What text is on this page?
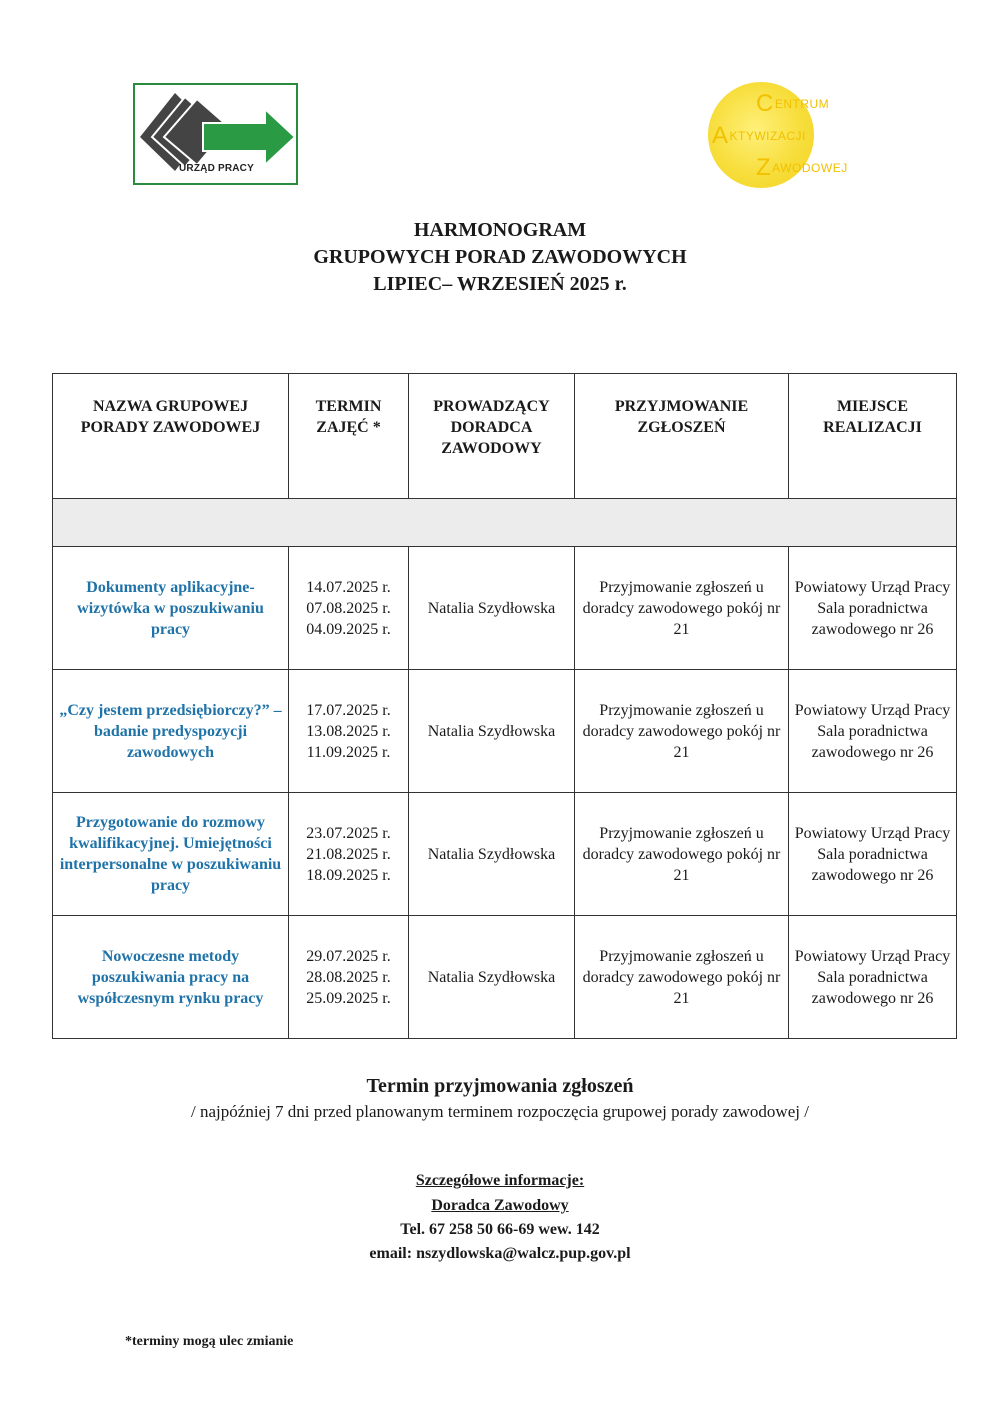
URZĄD PRACY
CENTRUM
AKTYWIZACJI
ZAWODOWEJ
HARMONOGRAM
GRUPOWYCH PORAD ZAWODOWYCH
LIPIEC– WRZESIEŃ 2025 r.
NAZWA GRUPOWEJ PORADY ZAWODOWEJ	TERMIN ZAJĘĆ *	PROWADZĄCY DORADCA ZAWODOWY	PRZYJMOWANIE ZGŁOSZEŃ	MIEJSCE REALIZACJI

Dokumenty aplikacyjne- wizytówka w poszukiwaniu pracy	14.07.2025 r.
07.08.2025 r.
04.09.2025 r.	Natalia Szydłowska	Przyjmowanie zgłoszeń u doradcy zawodowego pokój nr 21	Powiatowy Urząd Pracy Sala poradnictwa zawodowego nr 26
„Czy jestem przedsiębiorczy?” – badanie predyspozycji zawodowych	17.07.2025 r.
13.08.2025 r.
11.09.2025 r.	Natalia Szydłowska	Przyjmowanie zgłoszeń u doradcy zawodowego pokój nr 21	Powiatowy Urząd Pracy Sala poradnictwa zawodowego nr 26
Przygotowanie do rozmowy kwalifikacyjnej. Umiejętności interpersonalne w poszukiwaniu pracy	23.07.2025 r.
21.08.2025 r.
18.09.2025 r.	Natalia Szydłowska	Przyjmowanie zgłoszeń u doradcy zawodowego pokój nr 21	Powiatowy Urząd Pracy Sala poradnictwa zawodowego nr 26
Nowoczesne metody poszukiwania pracy na współczesnym rynku pracy	29.07.2025 r.
28.08.2025 r.
25.09.2025 r.	Natalia Szydłowska	Przyjmowanie zgłoszeń u doradcy zawodowego pokój nr 21	Powiatowy Urząd Pracy Sala poradnictwa zawodowego nr 26
Termin przyjmowania zgłoszeń
/ najpóźniej 7 dni przed planowanym terminem rozpoczęcia grupowej porady zawodowej /
Szczegółowe informacje:
Doradca Zawodowy
Tel. 67 258 50 66-69 wew. 142
email: nszydlowska@walcz.pup.gov.pl
*terminy mogą ulec zmianie
